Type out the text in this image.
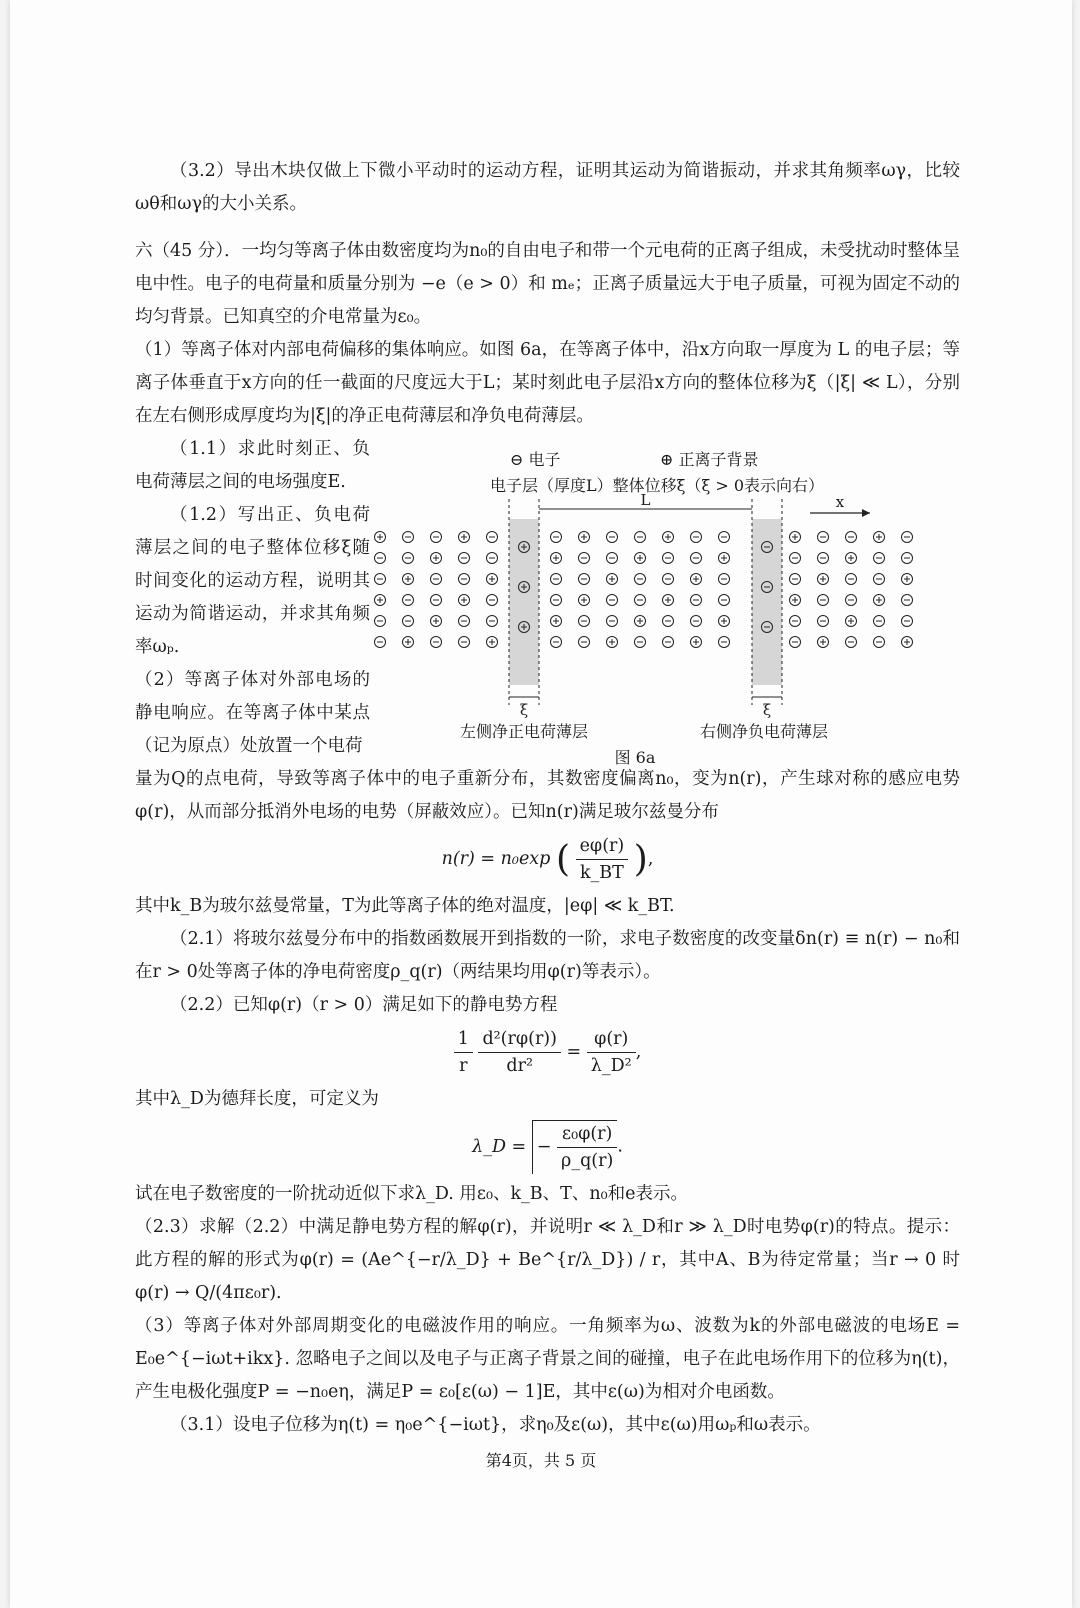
（3.2）导出木块仅做上下微小平动时的运动方程，证明其运动为简谐振动，并求其角频率ωγ，比较ωθ和ωγ的大小关系。

六（45 分）．一均匀等离子体由数密度均为n₀的自由电子和带一个元电荷的正离子组成，未受扰动时整体呈电中性。电子的电荷量和质量分别为 −e（e > 0）和 mₑ；正离子质量远大于电子质量，可视为固定不动的均匀背景。已知真空的介电常量为ε₀。

（1）等离子体对内部电荷偏移的集体响应。如图 6a，在等离子体中，沿x方向取一厚度为 L 的电子层；等离子体垂直于x方向的任一截面的尺度远大于L；某时刻此电子层沿x方向的整体位移为ξ（|ξ| ≪ L），分别在左右侧形成厚度均为|ξ|的净正电荷薄层和净负电荷薄层。

（1.1）求此时刻正、负电荷薄层之间的电场强度E.

（1.2）写出正、负电荷薄层之间的电子整体位移ξ随时间变化的运动方程，说明其运动为简谐运动，并求其角频率ωₚ.

（2）等离子体对外部电场的静电响应。在等离子体中某点（记为原点）处放置一个电荷

⊖ 电子	⊕ 正离子背景
电子层（厚度L）整体位移ξ（ξ > 0表示向右）
L	x
ξ	ξ
左侧净正电荷薄层	右侧净负电荷薄层
图 6a

量为Q的点电荷，导致等离子体中的电子重新分布，其数密度偏离n₀，变为n(r)，产生球对称的感应电势φ(r)，从而部分抵消外电场的电势（屏蔽效应）。已知n(r)满足玻尔兹曼分布

n(r) = n₀exp ( $\frac{e\varphi(r)}{k\_BT}$ ),

其中k_B为玻尔兹曼常量，T为此等离子体的绝对温度，|eφ| ≪ k_BT.

（2.1）将玻尔兹曼分布中的指数函数展开到指数的一阶，求电子数密度的改变量δn(r) ≡ n(r) − n₀和在r > 0处等离子体的净电荷密度ρ_q(r)（两结果均用φ(r)等表示）。

（2.2）已知φ(r)（r > 0）满足如下的静电势方程

$\frac{1}{r}$
$\frac{\text{d²(rφ(r))}}{\text{dr²}} = \frac{\varphi(r)}{\text{λ\_D²}}$ ,

其中λ_D为德拜长度，可定义为

λ_D = − $\frac{\text{ε₀φ(r)}}{\rho\_q(r)}$ .

试在电子数密度的一阶扰动近似下求λ_D. 用ε₀、k_B、T、n₀和e表示。

（2.3）求解（2.2）中满足静电势方程的解φ(r)，并说明r ≪ λ_D和r ≫ λ_D时电势φ(r)的特点。提示：此方程的解的形式为φ(r) = (Ae^{−r/λ_D} + Be^{r/λ_D}) / r，其中A、B为待定常量；当r → 0 时φ(r) → Q/(4πε₀r).

（3）等离子体对外部周期变化的电磁波作用的响应。一角频率为ω、波数为k的外部电磁波的电场E = E₀e^{−iωt+ikx}. 忽略电子之间以及电子与正离子背景之间的碰撞，电子在此电场作用下的位移为η(t)，产生电极化强度P = −n₀eη，满足P = ε₀[ε(ω) − 1]E，其中ε(ω)为相对介电函数。

（3.1）设电子位移为η(t) = η₀e^{−iωt}，求η₀及ε(ω)，其中ε(ω)用ωₚ和ω表示。

第4页，共 5 页
